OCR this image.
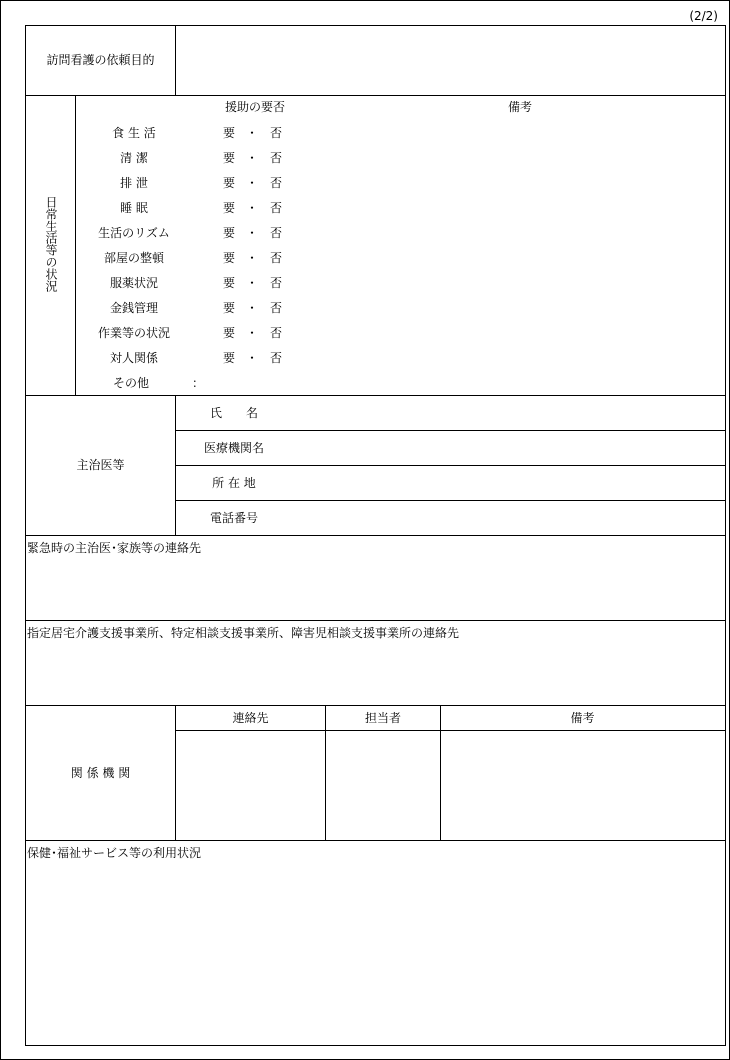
(2/2)
訪問看護の依頼目的
日常生活等の状況
援助の要否	備考
食 生 活	要 ・ 否
清 潔	要 ・ 否
排 泄	要 ・ 否
睡 眠	要 ・ 否
生活のリズム	要 ・ 否
部屋の整頓	要 ・ 否
服薬状況	要 ・ 否
金銭管理	要 ・ 否
作業等の状況	要 ・ 否
対人関係	要 ・ 否
その他	：
主治医等
氏　　名
医療機関名
所 在 地
電話番号
緊急時の主治医･家族等の連絡先
指定居宅介護支援事業所、特定相談支援事業所、障害児相談支援事業所の連絡先
関 係 機 関
連絡先	担当者	備考
保健･福祉サービス等の利用状況
